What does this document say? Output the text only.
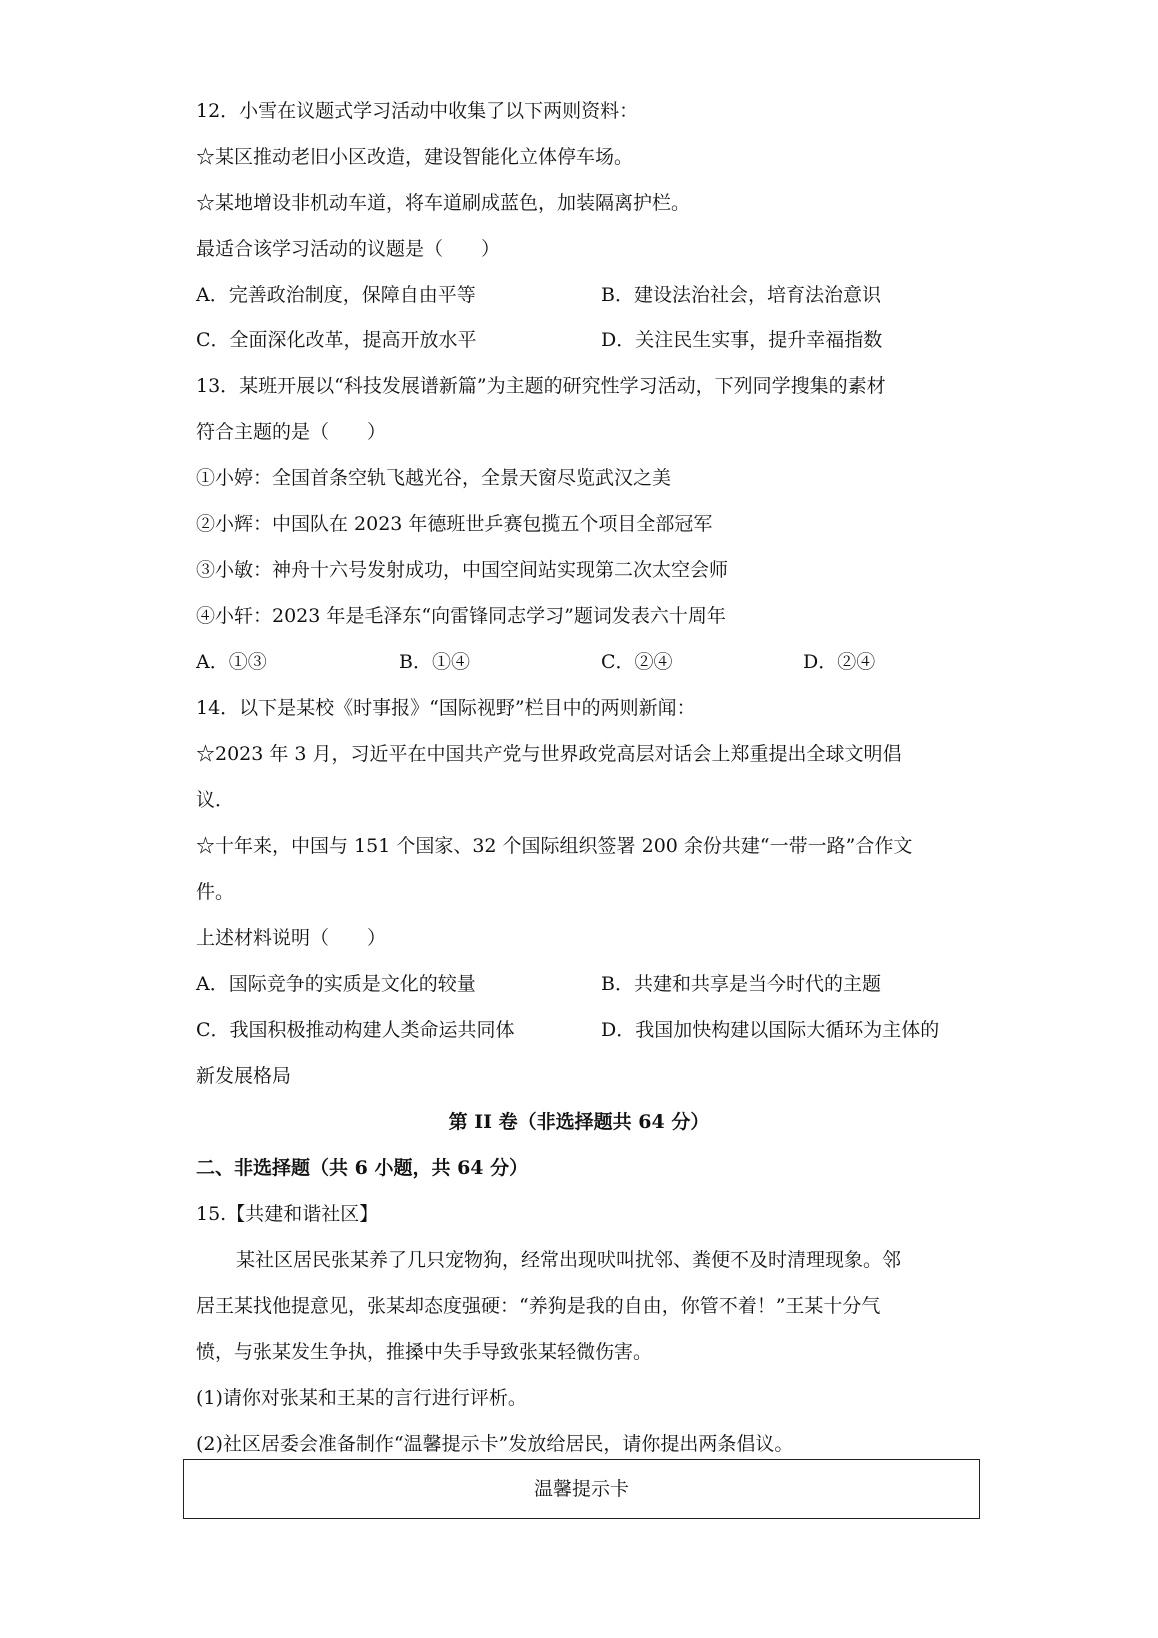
12．小雪在议题式学习活动中收集了以下两则资料：
☆某区推动老旧小区改造，建设智能化立体停车场。
☆某地增设非机动车道，将车道刷成蓝色，加装隔离护栏。
最适合该学习活动的议题是（　　）
A．完善政治制度，保障自由平等	B．建设法治社会，培育法治意识
C．全面深化改革，提高开放水平	D．关注民生实事，提升幸福指数
13．某班开展以“科技发展谱新篇”为主题的研究性学习活动，下列同学搜集的素材
符合主题的是（　　）
①小婷：全国首条空轨飞越光谷，全景天窗尽览武汉之美
②小辉：中国队在 2023 年德班世乒赛包揽五个项目全部冠军
③小敏：神舟十六号发射成功，中国空间站实现第二次太空会师
④小轩：2023 年是毛泽东“向雷锋同志学习”题词发表六十周年
A．①③	B．①④	C．②④	D．②④
14．以下是某校《时事报》“国际视野”栏目中的两则新闻：
☆2023 年 3 月，习近平在中国共产党与世界政党高层对话会上郑重提出全球文明倡
议．
☆十年来，中国与 151 个国家、32 个国际组织签署 200 余份共建“一带一路”合作文
件。
上述材料说明（　　）
A．国际竞争的实质是文化的较量	B．共建和共享是当今时代的主题
C．我国积极推动构建人类命运共同体	D．我国加快构建以国际大循环为主体的
新发展格局
第 II 卷（非选择题共 64 分）
二、非选择题（共 6 小题，共 64 分）
15.【共建和谐社区】
某社区居民张某养了几只宠物狗，经常出现吠叫扰邻、粪便不及时清理现象。邻
居王某找他提意见，张某却态度强硬：“养狗是我的自由，你管不着！”王某十分气
愤，与张某发生争执，推搡中失手导致张某轻微伤害。
(1)请你对张某和王某的言行进行评析。
(2)社区居委会准备制作“温馨提示卡”发放给居民，请你提出两条倡议。
温馨提示卡
